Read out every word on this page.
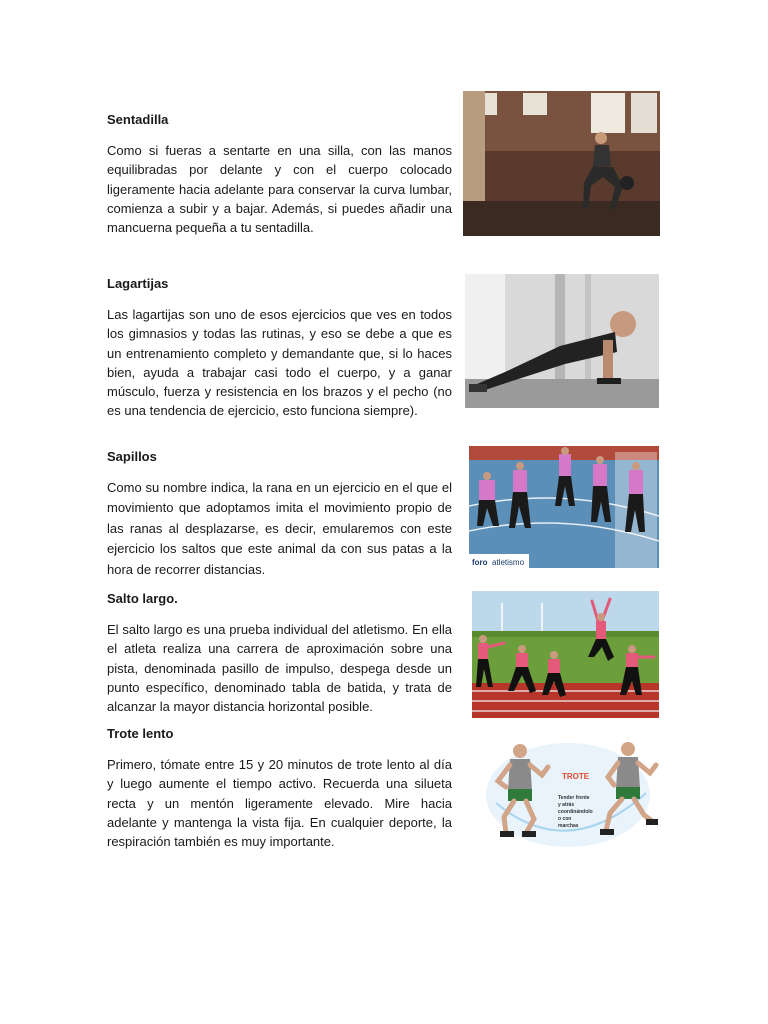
Sentadilla

Como si fueras a sentarte en una silla, con las manos equilibradas por delante y con el cuerpo colocado ligeramente hacia adelante para conservar la curva lumbar, comienza a subir y a bajar. Además, si puedes añadir una mancuerna pequeña a tu sentadilla.

Lagartijas

Las lagartijas son uno de esos ejercicios que ves en todos los gimnasios y todas las rutinas, y eso se debe a que es un entrenamiento completo y demandante que, si lo haces bien, ayuda a trabajar casi todo el cuerpo, y a ganar músculo, fuerza y resistencia en los brazos y el pecho (no es una tendencia de ejercicio, esto funciona siempre).

Sapillos

Como su nombre indica, la rana en un ejercicio en el que el movimiento que adoptamos imita el movimiento propio de las ranas al desplazarse, es decir, emularemos con este ejercicio los saltos que este animal da con sus patas a la hora de recorrer distancias.	foro atletismo
Salto largo.

El salto largo es una prueba individual del atletismo. En ella el atleta realiza una carrera de aproximación sobre una pista, denominada pasillo de impulso, despega desde un punto específico, denominado tabla de batida, y trata de alcanzar la mayor distancia horizontal posible.

Trote lento

Primero, tómate entre 15 y 20 minutos de trote lento al día y luego aumente el tiempo activo. Recuerda una silueta recta y un mentón ligeramente elevado. Mire hacia adelante y mantenga la vista fija. En cualquier deporte, la respiración también es muy importante.

TROTE
Tender frente
y atrás
coordinándolo
o con
marchas
